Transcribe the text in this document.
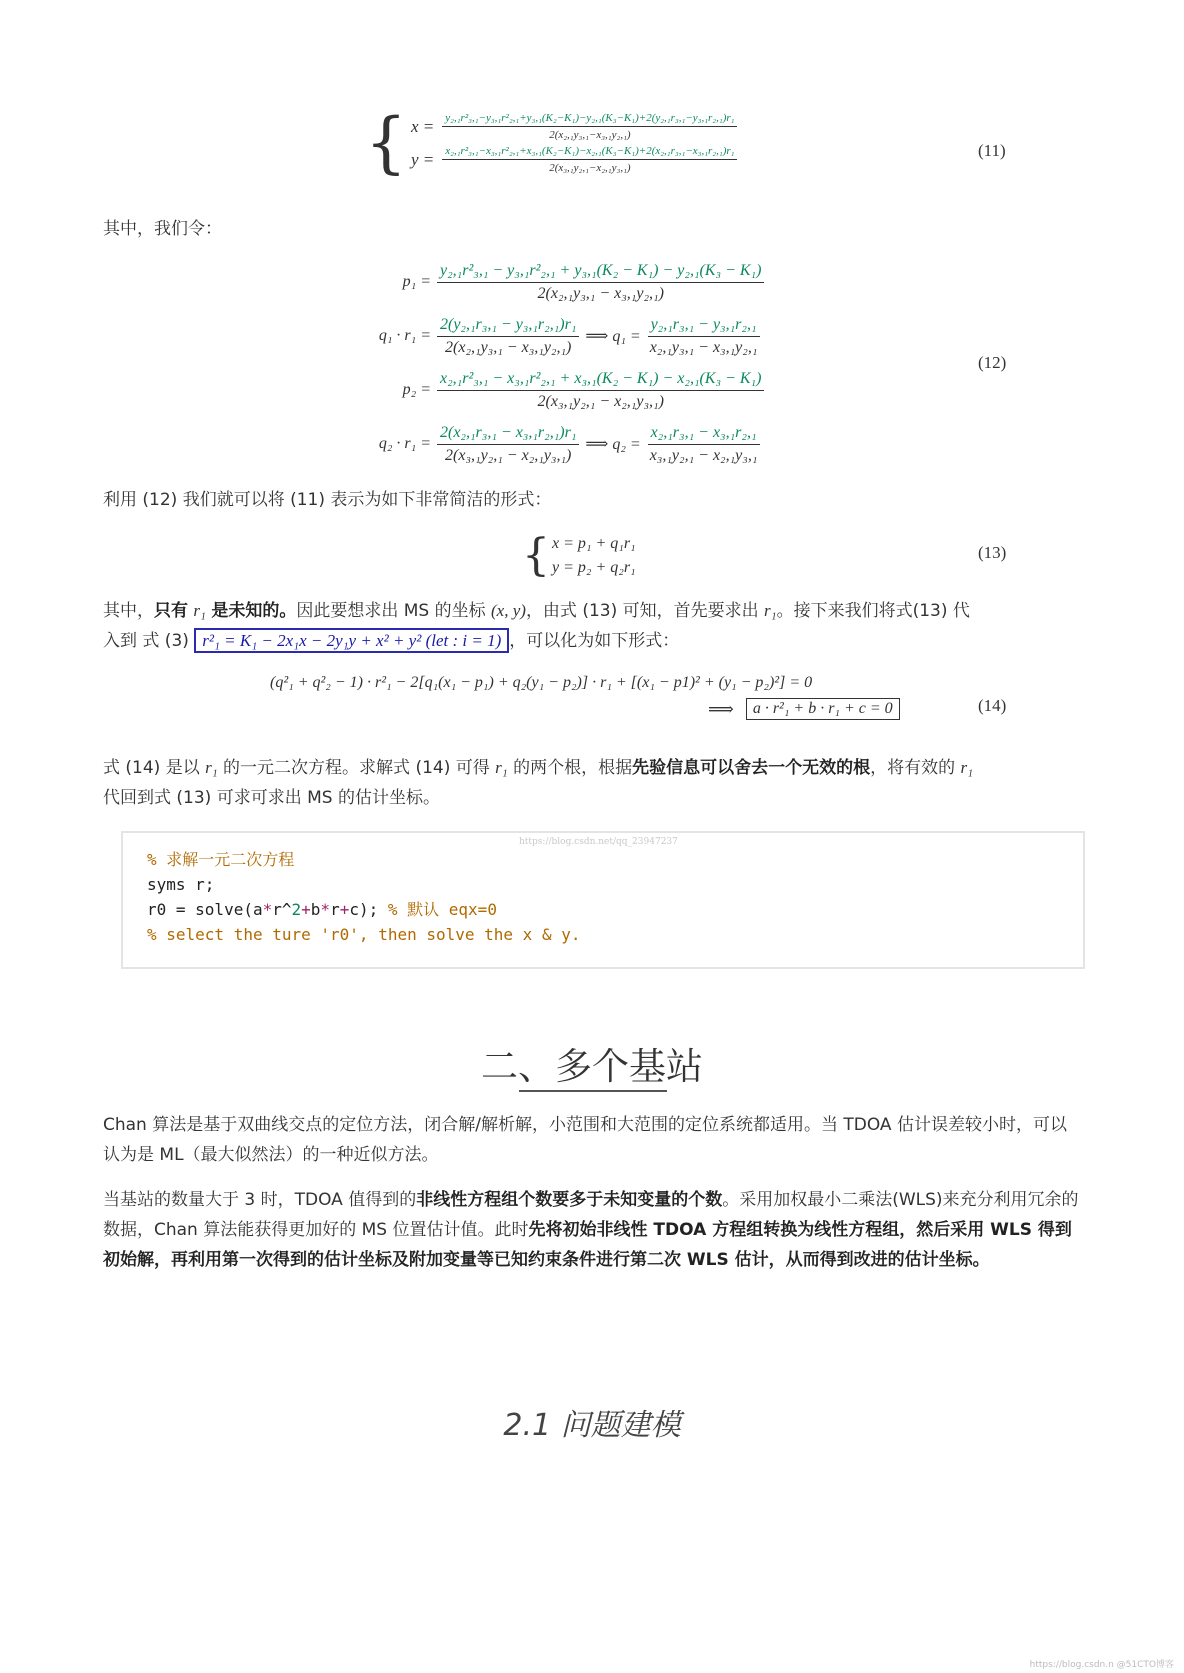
{ x = y₂,₁r²₃,₁−y₃,₁r²₂,₁+y₃,₁(K₂−K₁)−y₂,₁(K₃−K₁)+2(y₂,₁r₃,₁−y₃,₁r₂,₁)r₁
2(x₂,₁y₃,₁−x₃,₁y₂,₁)
y = x₂,₁r²₃,₁−x₃,₁r²₂,₁+x₃,₁(K₂−K₁)−x₂,₁(K₃−K₁)+2(x₂,₁r₃,₁−x₃,₁r₂,₁)r₁
2(x₃,₁y₂,₁−x₂,₁y₃,₁)
(11)
其中，我们令：
$p_1 = \frac{\text{y₂,₁r²₃,₁ − y₃,₁r²₂,₁ + y₃,₁(K₂ − K₁) − y₂,₁(K₃ − K₁)}}{\text{2(x₂,₁y₃,₁ − x₃,₁y₂,₁)}}$
$q_1 \cdot r_1 = \frac{\text{2(y₂,₁r₃,₁ − y₃,₁r₂,₁)r₁}}{\text{2(x₂,₁y₃,₁ − x₃,₁y₂,₁)}}$ ⟹ $q_1 = \frac{\text{y₂,₁r₃,₁ − y₃,₁r₂,₁}}{\text{x₂,₁y₃,₁ − x₃,₁y₂,₁}}$
$p_2 = \frac{\text{x₂,₁r²₃,₁ − x₃,₁r²₂,₁ + x₃,₁(K₂ − K₁) − x₂,₁(K₃ − K₁)}}{\text{2(x₃,₁y₂,₁ − x₂,₁y₃,₁)}}$
$q_2 \cdot r_1 = \frac{\text{2(x₂,₁r₃,₁ − x₃,₁r₂,₁)r₁}}{\text{2(x₃,₁y₂,₁ − x₂,₁y₃,₁)}}$ ⟹ $q_2 = \frac{\text{x₂,₁r₃,₁ − x₃,₁r₂,₁}}{\text{x₃,₁y₂,₁ − x₂,₁y₃,₁}}$
(12)
利用 (12) 我们就可以将 (11) 表示为如下非常简洁的形式：
{ x = p₁ + q₁r₁
y = p₂ + q₂r₁
(13)
其中，只有 r₁ 是未知的。因此要想求出 MS 的坐标 (x, y)，由式 (13) 可知，首先要求出 r₁。接下来我们将式(13) 代
入到 式 (3) r²₁ = K₁ − 2x₁x − 2y₁y + x² + y² (let : i = 1) ，可以化为如下形式：
(q²₁ + q²₂ − 1) · r²₁ − 2[q₁(x₁ − p₁) + q₂(y₁ − p₂)] · r₁ + [(x₁ − p1)² + (y₁ − p₂)²] = 0
⟹	a · r²₁ + b · r₁ + c = 0	(14)
式 (14) 是以 r₁ 的一元二次方程。求解式 (14) 可得 r₁ 的两个根，根据先验信息可以舍去一个无效的根，将有效的 r₁
代回到式 (13) 可求可求出 MS 的估计坐标。
https://blog.csdn.net/qq_23947237
% 求解一元二次方程
syms r;
r0 = solve(a*r^2+b*r+c); % 默认 eqx=0
% select the ture 'r0', then solve the x & y.
二、多个基站
Chan 算法是基于双曲线交点的定位方法，闭合解/解析解，小范围和大范围的定位系统都适用。当 TDOA 估计误差较小时，可以认为是 ML（最大似然法）的一种近似方法。
当基站的数量大于 3 时，TDOA 值得到的非线性方程组个数要多于未知变量的个数。采用加权最小二乘法(WLS)来充分利用冗余的数据，Chan 算法能获得更加好的 MS 位置估计值。此时先将初始非线性 TDOA 方程组转换为线性方程组，然后采用 WLS 得到初始解，再利用第一次得到的估计坐标及附加变量等已知约束条件进行第二次 WLS 估计，从而得到改进的估计坐标。
2.1 问题建模
https://blog.csdn.n @51CTO博客
